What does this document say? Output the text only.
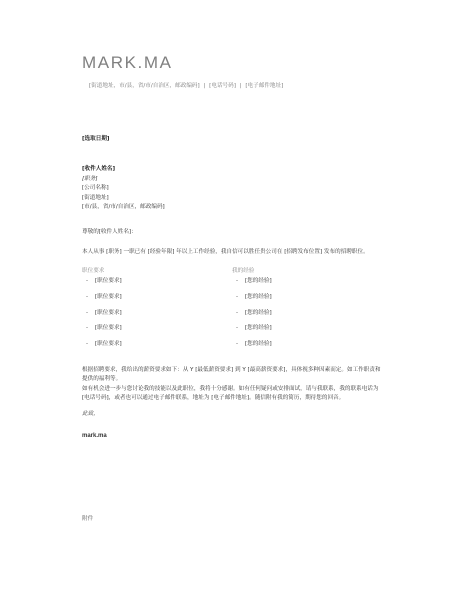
MARK.MA
[街道地址，市/县，省/市/自治区，邮政编码] | [电话号码] | [电子邮件地址]
[选取日期]
[收件人姓名]
[职务]
[公司名称]
[街道地址]
[市/县，省/市/自治区，邮政编码]
尊敬的[收件人姓名]：
本人从事 [职务] 一职已有 [经验年限] 年以上工作经验，我自信可以胜任贵公司在 [招聘发布位置] 发布的招聘职位。
职位要求	我的经验
- [职位要求]
- [职位要求]
- [职位要求]
- [职位要求]
- [职位要求]
- [您的经验]
- [您的经验]
- [您的经验]
- [您的经验]
- [您的经验]
根据招聘要求，我给出的薪资要求如下：从 Y [最低薪资要求] 到 Y [最高薪资要求]，具体视多种因素而定。如工作职责和提供的福利等。
如有机会进一步与您讨论我的技能以及此职位，我将十分感谢。如有任何疑问或安排面试，请与我联系，我的联系电话为 [电话号码]，或者也可以通过电子邮件联系，地址为 [电子邮件地址]。随信附有我的简历，期待您的回音。
此致，
mark.ma
附件
